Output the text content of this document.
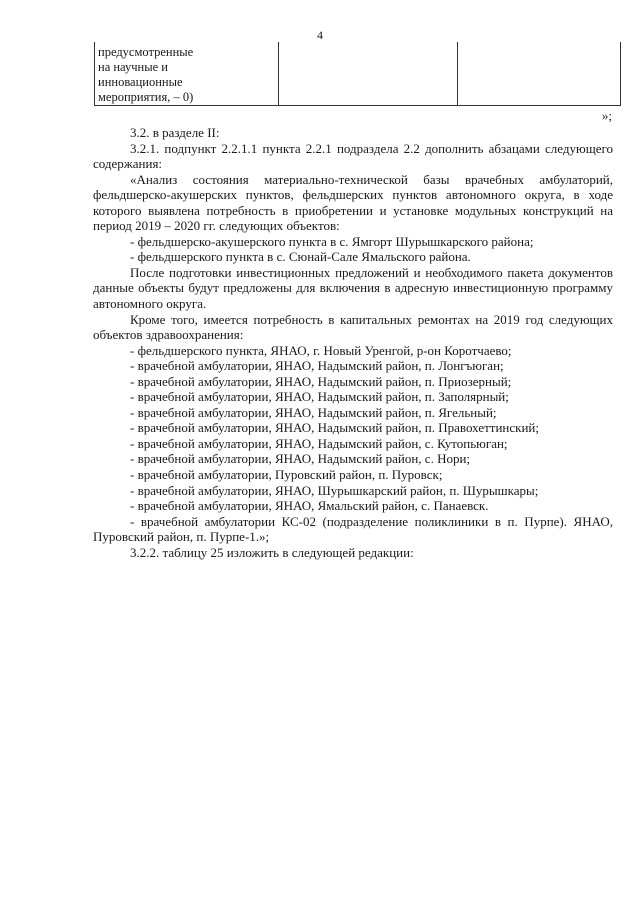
4
предусмотренные
на научные и
инновационные
мероприятия, – 0)

»;

3.2. в разделе II:

3.2.1. подпункт 2.2.1.1 пункта 2.2.1 подраздела 2.2 дополнить абзацами следующего содержания:

«Анализ состояния материально-технической базы врачебных амбулаторий, фельдшерско-акушерских пунктов, фельдшерских пунктов автономного округа, в ходе которого выявлена потребность в приобретении и установке модульных конструкций на период 2019 – 2020 гг. следующих объектов:

- фельдшерско-акушерского пункта в с. Ямгорт Шурышкарского района;

- фельдшерского пункта в с. Сюнай-Сале Ямальского района.

После подготовки инвестиционных предложений и необходимого пакета документов данные объекты будут предложены для включения в адресную инвестиционную программу автономного округа.

Кроме того, имеется потребность в капитальных ремонтах на 2019 год следующих объектов здравоохранения:

- фельдшерского пункта, ЯНАО, г. Новый Уренгой, р-он Коротчаево;

- врачебной амбулатории, ЯНАО, Надымский район, п. Лонгъюган;

- врачебной амбулатории, ЯНАО, Надымский район, п. Приозерный;

- врачебной амбулатории, ЯНАО, Надымский район, п. Заполярный;

- врачебной амбулатории, ЯНАО, Надымский район, п. Ягельный;

- врачебной амбулатории, ЯНАО, Надымский район, п. Правохеттинский;

- врачебной амбулатории, ЯНАО, Надымский район, с. Кутопьюган;

- врачебной амбулатории, ЯНАО, Надымский район, с. Нори;

- врачебной амбулатории, Пуровский район, п. Пуровск;

- врачебной амбулатории, ЯНАО, Шурышкарский район, п. Шурышкары;

- врачебной амбулатории, ЯНАО, Ямальский район, с. Панаевск.

- врачебной амбулатории КС-02 (подразделение поликлиники в п. Пурпе). ЯНАО, Пуровский район, п. Пурпе-1.»;

3.2.2. таблицу 25 изложить в следующей редакции:
